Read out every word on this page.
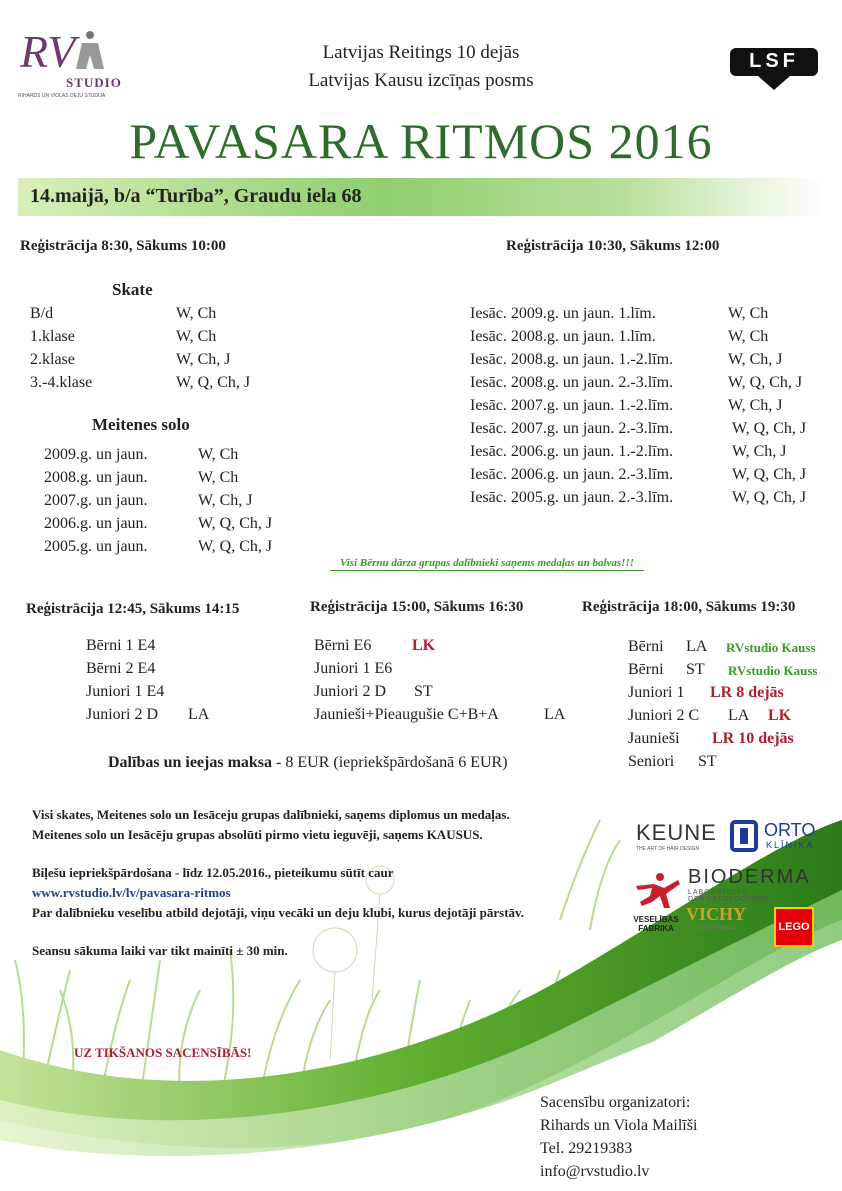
RV
STUDIO
RIHARDS UN VIOLAS DEJU STUDIJA
Latvijas Reitings 10 dejās
Latvijas Kausu izcīņas posms
LSF
PAVASARA RITMOS 2016
14.maijā, b/a “Turība”, Graudu iela 68
Reģistrācija 8:30, Sākums 10:00
Skate
B/d	W, Ch
1.klase	W, Ch
2.klase	W, Ch, J
3.-4.klase	W, Q, Ch, J
Meitenes solo
2009.g. un jaun.	W, Ch
2008.g. un jaun.	W, Ch
2007.g. un jaun.	W, Ch, J
2006.g. un jaun.	W, Q, Ch, J
2005.g. un jaun.	W, Q, Ch, J
Reģistrācija 10:30, Sākums 12:00
Iesāc. 2009.g. un jaun. 1.līm.	W, Ch
Iesāc. 2008.g. un jaun. 1.līm.	W, Ch
Iesāc. 2008.g. un jaun. 1.-2.līm.	W, Ch, J
Iesāc. 2008.g. un jaun. 2.-3.līm.	W, Q, Ch, J
Iesāc. 2007.g. un jaun. 1.-2.līm.	W, Ch, J
Iesāc. 2007.g. un jaun. 2.-3.līm.	W, Q, Ch, J
Iesāc. 2006.g. un jaun. 1.-2.līm.	W, Ch, J
Iesāc. 2006.g. un jaun. 2.-3.līm.	W, Q, Ch, J
Iesāc. 2005.g. un jaun. 2.-3.līm.	W, Q, Ch, J
Visi Bērnu dārza grupas dalībnieki saņems medaļas un balvas!!!
Reģistrācija 12:45, Sākums 14:15
Bērni 1 E4
Bērni 2 E4
Juniori 1 E4
Juniori 2 D LA
Reģistrācija 15:00, Sākums 16:30
Bērni E6	LK
Juniori 1 E6
Juniori 2 D ST
Jaunieši+Pieaugušie C+B+A	LA
Reģistrācija 18:00, Sākums 19:30
Bērni LA RVstudio Kauss
Bērni ST RVstudio Kauss
Juniori 1 LR 8 dejās
Juniori 2 C LA LK
Jaunieši LR 10 dejās
Seniori ST
Dalības un ieejas maksa - 8 EUR (iepriekšpārdošanā 6 EUR)
Visi skates, Meitenes solo un Iesāceju grupas dalībnieki, saņems diplomus un medaļas.
Meitenes solo un Iesācēju grupas absolūti pirmo vietu ieguvēji, saņems KAUSUS.
Biļešu iepriekšpārdošana - līdz 12.05.2016., pieteikumu sūtīt caur
www.rvstudio.lv/lv/pavasara-ritmos
Par dalībnieku veselību atbild dejotāji, viņu vecāki un deju klubi, kurus dejotāji pārstāv.
Seansu sākuma laiki var tikt mainīti ± 30 min.
KEUNE
THE ART OF HAIR DESIGN
ORTO
KLĪNIKA
VESELĪBAS
FABRIKA
BIODERMA
LABORATOIRE DERMATOLOGIQUE
VICHY
LABORATOIRES	LEGO
UZ TIKŠANOS SACENSĪBĀS!
Sacensību organizatori:
Rihards un Viola Mailīši
Tel. 29219383
info@rvstudio.lv
